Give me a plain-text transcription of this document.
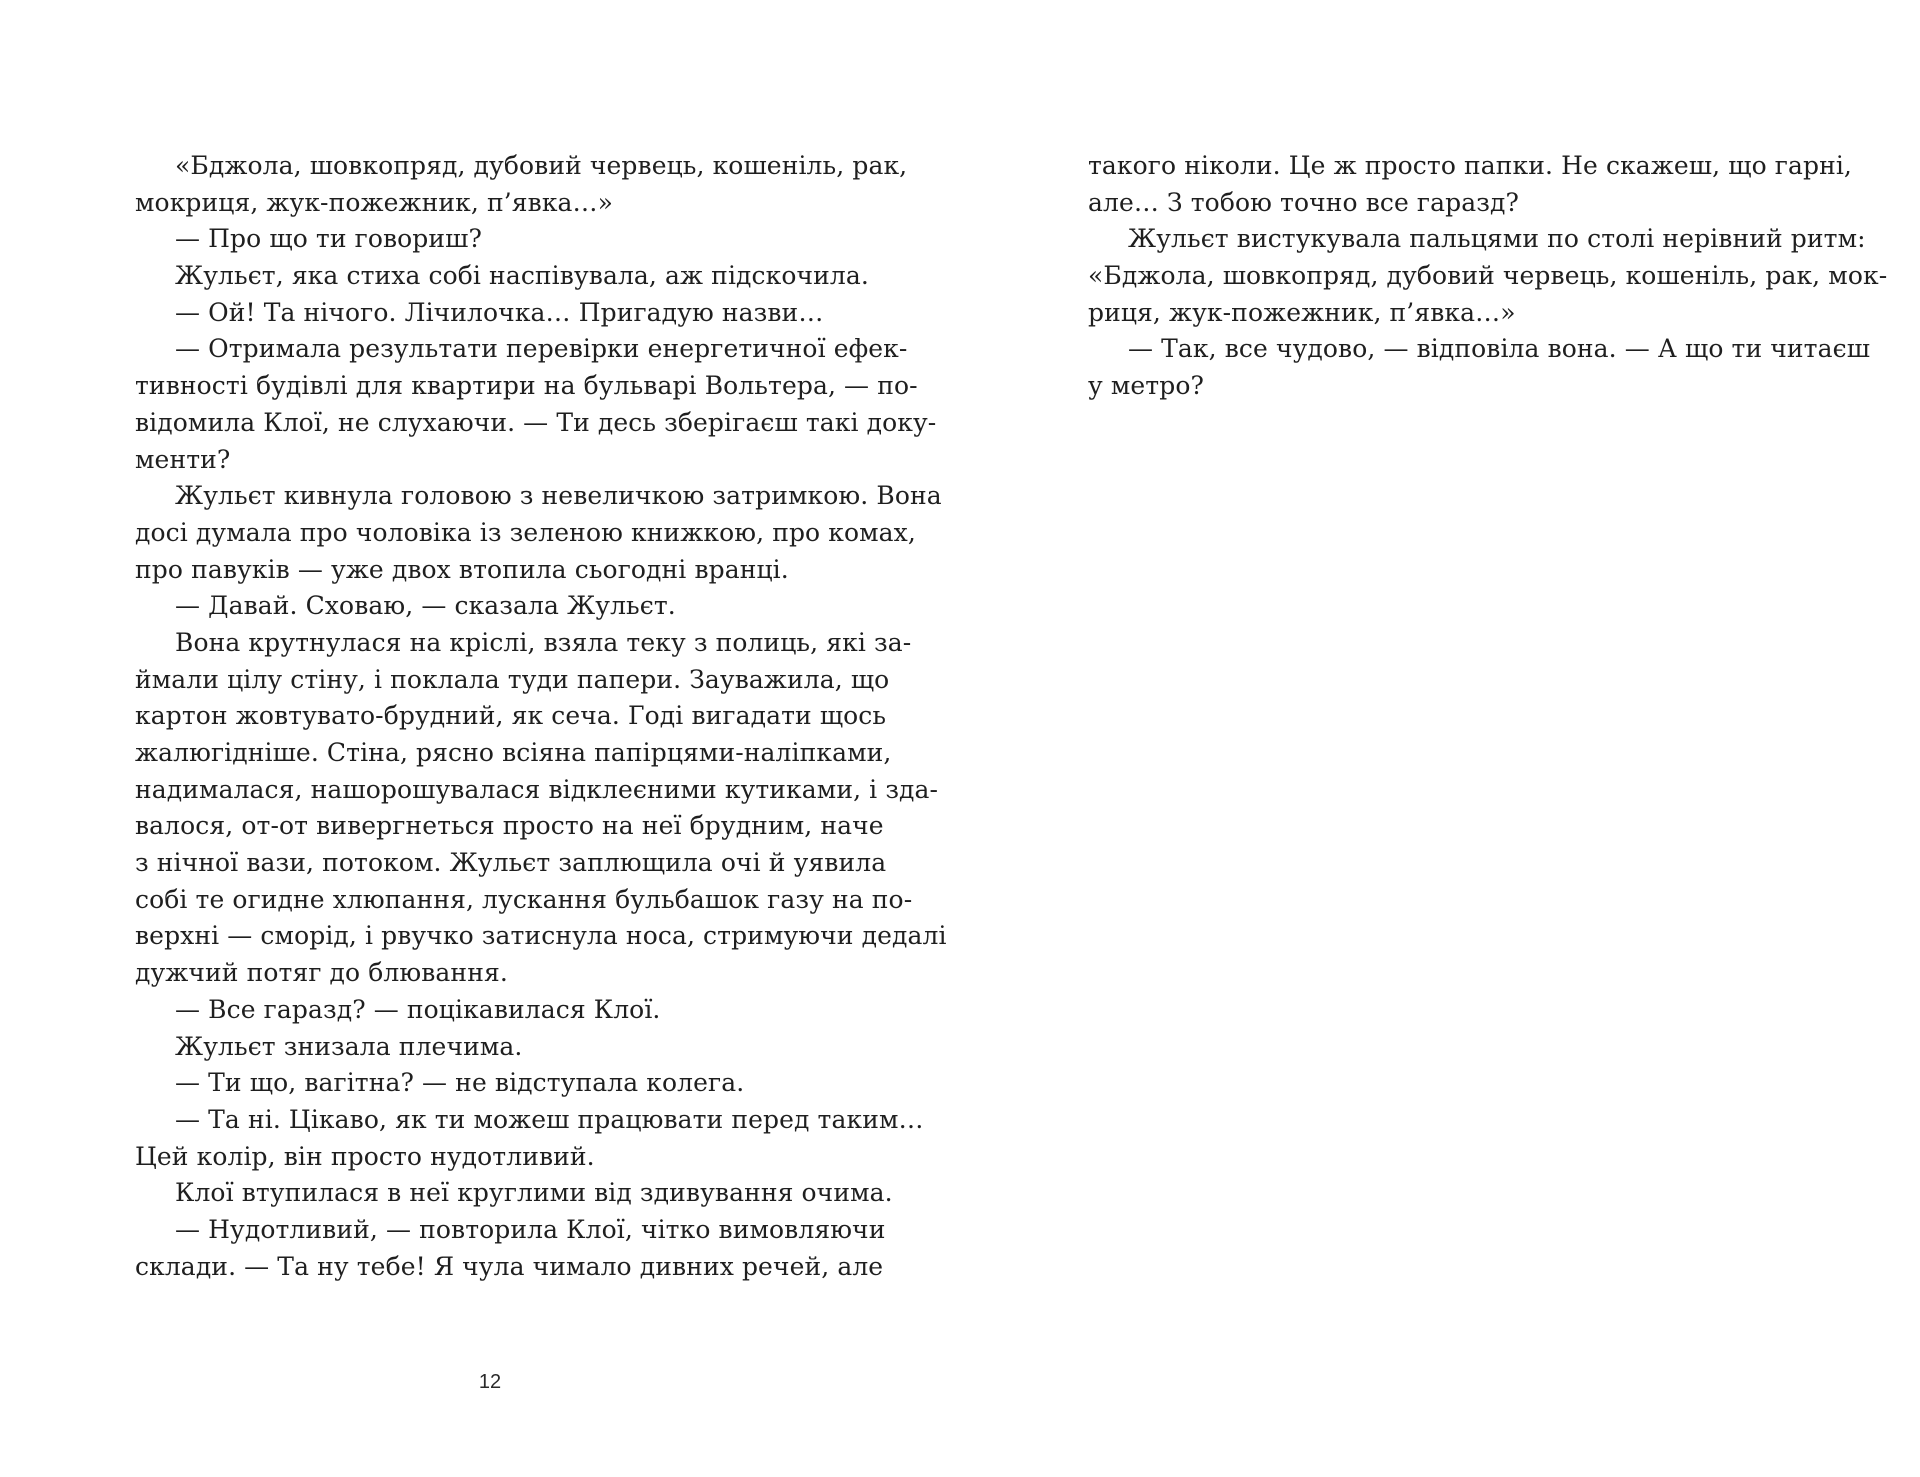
«Бджола, шовкопряд, дубовий червець, кошеніль, рак,
мокриця, жук-пожежник, п’явка…»
— Про що ти говориш?
Жульєт, яка стиха собі наспівувала, аж підскочила.
— Ой! Та нічого. Лічилочка… Пригадую назви…
— Отримала результати перевірки енергетичної ефек-
тивності будівлі для квартири на бульварі Вольтера, — по-
відомила Клої, не слухаючи. — Ти десь зберігаєш такі доку-
менти?
Жульєт кивнула головою з невеличкою затримкою. Вона
досі думала про чоловіка із зеленою книжкою, про комах,
про павуків — уже двох втопила сьогодні вранці.
— Давай. Сховаю, — сказала Жульєт.
Вона крутнулася на кріслі, взяла теку з полиць, які за-
ймали цілу стіну, і поклала туди папери. Зауважила, що
картон жовтувато-брудний, як сеча. Годі вигадати щось
жалюгідніше. Стіна, рясно всіяна папірцями-наліпками,
надималася, нашорошувалася відклеєними кутиками, і зда-
валося, от-от вивергнеться просто на неї брудним, наче
з нічної вази, потоком. Жульєт заплющила очі й уявила
собі те огидне хлюпання, лускання бульбашок газу на по-
верхні — сморід, і рвучко затиснула носа, стримуючи дедалі
дужчий потяг до блювання.
— Все гаразд? — поцікавилася Клої.
Жульєт знизала плечима.
— Ти що, вагітна? — не відступала колега.
— Та ні. Цікаво, як ти можеш працювати перед таким…
Цей колір, він просто нудотливий.
Клої втупилася в неї круглими від здивування очима.
— Нудотливий, — повторила Клої, чітко вимовляючи
склади. — Та ну тебе! Я чула чимало дивних речей, але
12
такого ніколи. Це ж просто папки. Не скажеш, що гарні,
але… З тобою точно все гаразд?
Жульєт вистукувала пальцями по столі нерівний ритм:
«Бджола, шовкопряд, дубовий червець, кошеніль, рак, мок-
риця, жук-пожежник, п’явка…»
— Так, все чудово, — відповіла вона. — А що ти читаєш
у метро?
